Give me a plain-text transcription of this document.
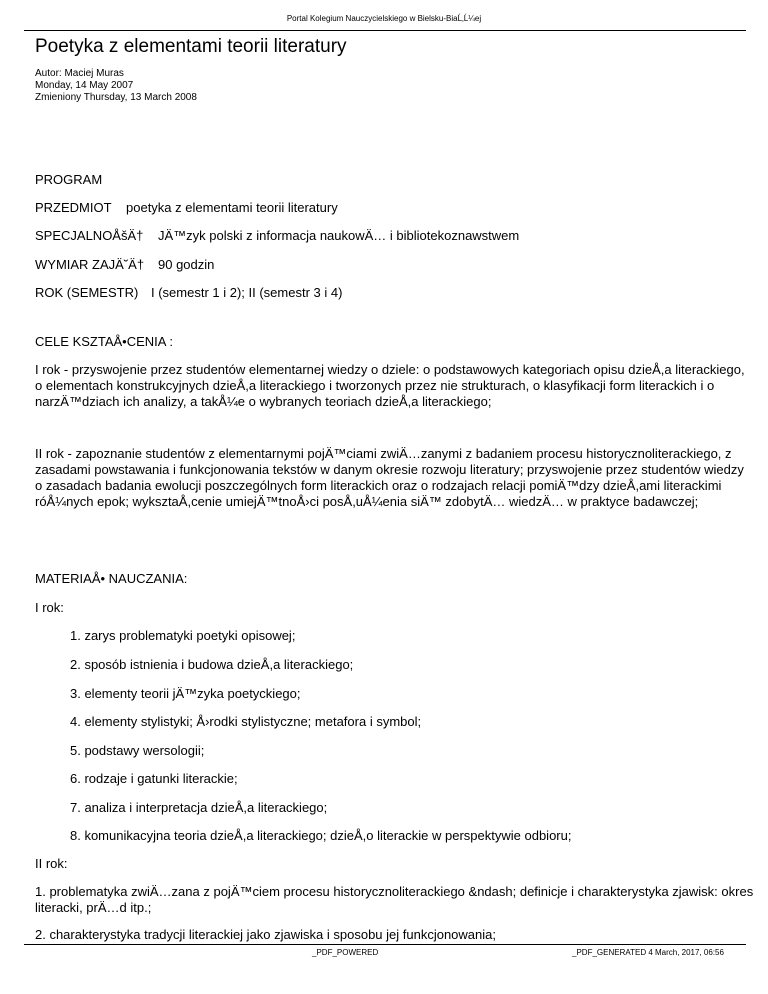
Portal Kolegium Nauczycielskiego w Bielsku-BiaĹ‚Ĺ¼ej
Poetyka z elementami teorii literatury
Autor: Maciej Muras
Monday, 14 May 2007
Zmieniony Thursday, 13 March 2008
PROGRAM
PRZEDMIOT poetyka z elementami teorii literatury
SPECJALNOÅšÄ† JÄ™zyk polski z informacja naukowÄ… i bibliotekoznawstwem
WYMIAR ZAJÄ˘Ä† 90 godzin
ROK (SEMESTR) I (semestr 1 i 2); II (semestr 3 i 4)
CELE KSZTAÅ•CENIA :
I rok - przyswojenie przez studentów elementarnej wiedzy o dziele: o podstawowych kategoriach opisu dzieÅ,a literackiego,
o elementach konstrukcyjnych dzieÅ,a literackiego i tworzonych przez nie strukturach, o klasyfikacji form literackich i o
narzÄ™dziach ich analizy, a takÅ¼e o wybranych teoriach dzieÅ,a literackiego;
II rok - zapoznanie studentów z elementarnymi pojÄ™ciami zwiÄ…zanymi z badaniem procesu historycznoliterackiego, z
zasadami powstawania i funkcjonowania tekstów w danym okresie rozwoju literatury; przyswojenie przez studentów wiedzy
o zasadach badania ewolucji poszczególnych form literackich oraz o rodzajach relacji pomiÄ™dzy dzieÅ,ami literackimi
róÅ¼nych epok; wyksztaÅ,cenie umiejÄ™tnoÅ›ci posÅ,uÅ¼enia siÄ™ zdobytÄ… wiedzÄ… w praktyce badawczej;
MATERIAÅ• NAUCZANIA:
I rok:
1. zarys problematyki poetyki opisowej;
2. sposób istnienia i budowa dzieÅ,a literackiego;
3. elementy teorii jÄ™zyka poetyckiego;
4. elementy stylistyki; Å›rodki stylistyczne; metafora i symbol;
5. podstawy wersologii;
6. rodzaje i gatunki literackie;
7. analiza i interpretacja dzieÅ,a literackiego;
8. komunikacyjna teoria dzieÅ,a literackiego; dzieÅ,o literackie w perspektywie odbioru;
II rok:
1. problematyka zwiÄ…zana z pojÄ™ciem procesu historycznoliterackiego &ndash; definicje i charakterystyka zjawisk: okres
literacki, prÄ…d itp.;
2. charakterystyka tradycji literackiej jako zjawiska i sposobu jej funkcjonowania;
_PDF_POWERED	_PDF_GENERATED 4 March, 2017, 06:56
